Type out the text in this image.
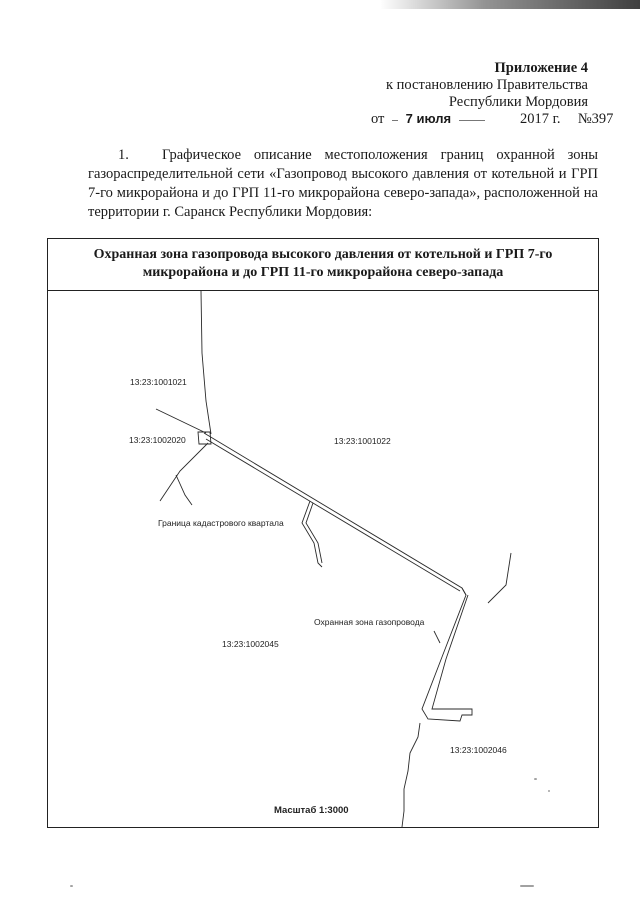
Приложение 4
к постановлению Правительства
Республики Мордовия
от 7 июля	2017 г. №397
1. Графическое описание местоположения границ охранной зоны газораспределительной сети «Газопровод высокого давления от котельной и ГРП 7-го микрорайона и до ГРП 11-го микрорайона северо-запада», расположенной на территории г. Саранск Республики Мордовия:
Охранная зона газопровода высокого давления от котельной и ГРП 7-го
микрорайона и до ГРП 11-го микрорайона северо-запада
13:23:1001021
13:23:1002020	13:23:1001022
Граница кадастрового квартала
Охранная зона газопровода
13:23:1002045
13:23:1002046
Масштаб 1:3000
